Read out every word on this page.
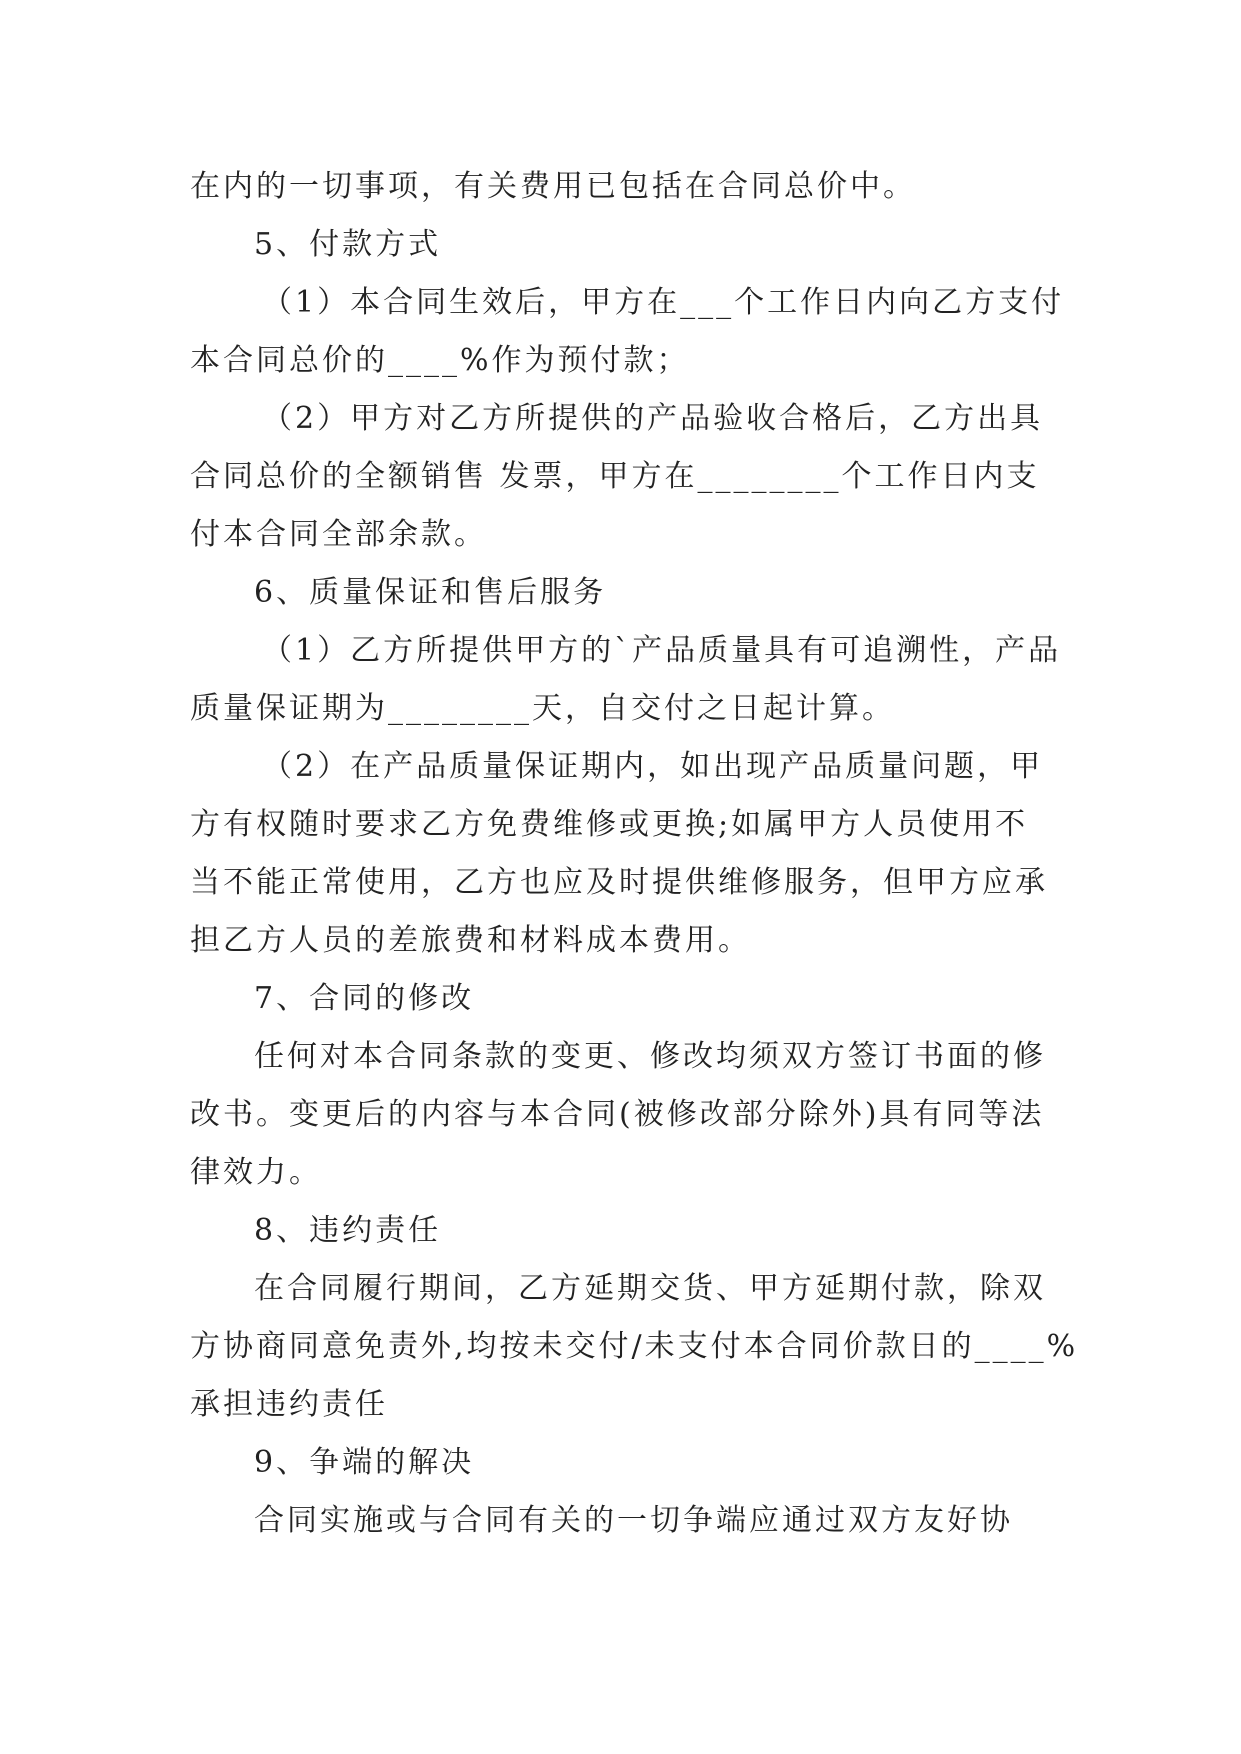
在内的一切事项，有关费用已包括在合同总价中。

5、付款方式

（1）本合同生效后，甲方在___个工作日内向乙方支付

本合同总价的____%作为预付款；

（2）甲方对乙方所提供的产品验收合格后，乙方出具

合同总价的全额销售 发票，甲方在________个工作日内支

付本合同全部余款。

6、质量保证和售后服务

（1）乙方所提供甲方的`产品质量具有可追溯性，产品

质量保证期为________天，自交付之日起计算。

（2）在产品质量保证期内，如出现产品质量问题，甲

方有权随时要求乙方免费维修或更换;如属甲方人员使用不

当不能正常使用，乙方也应及时提供维修服务，但甲方应承

担乙方人员的差旅费和材料成本费用。

7、合同的修改

任何对本合同条款的变更、修改均须双方签订书面的修

改书。变更后的内容与本合同(被修改部分除外)具有同等法

律效力。

8、违约责任

在合同履行期间，乙方延期交货、甲方延期付款，除双

方协商同意免责外,均按未交付/未支付本合同价款日的____%

承担违约责任

9、争端的解决

合同实施或与合同有关的一切争端应通过双方友好协
